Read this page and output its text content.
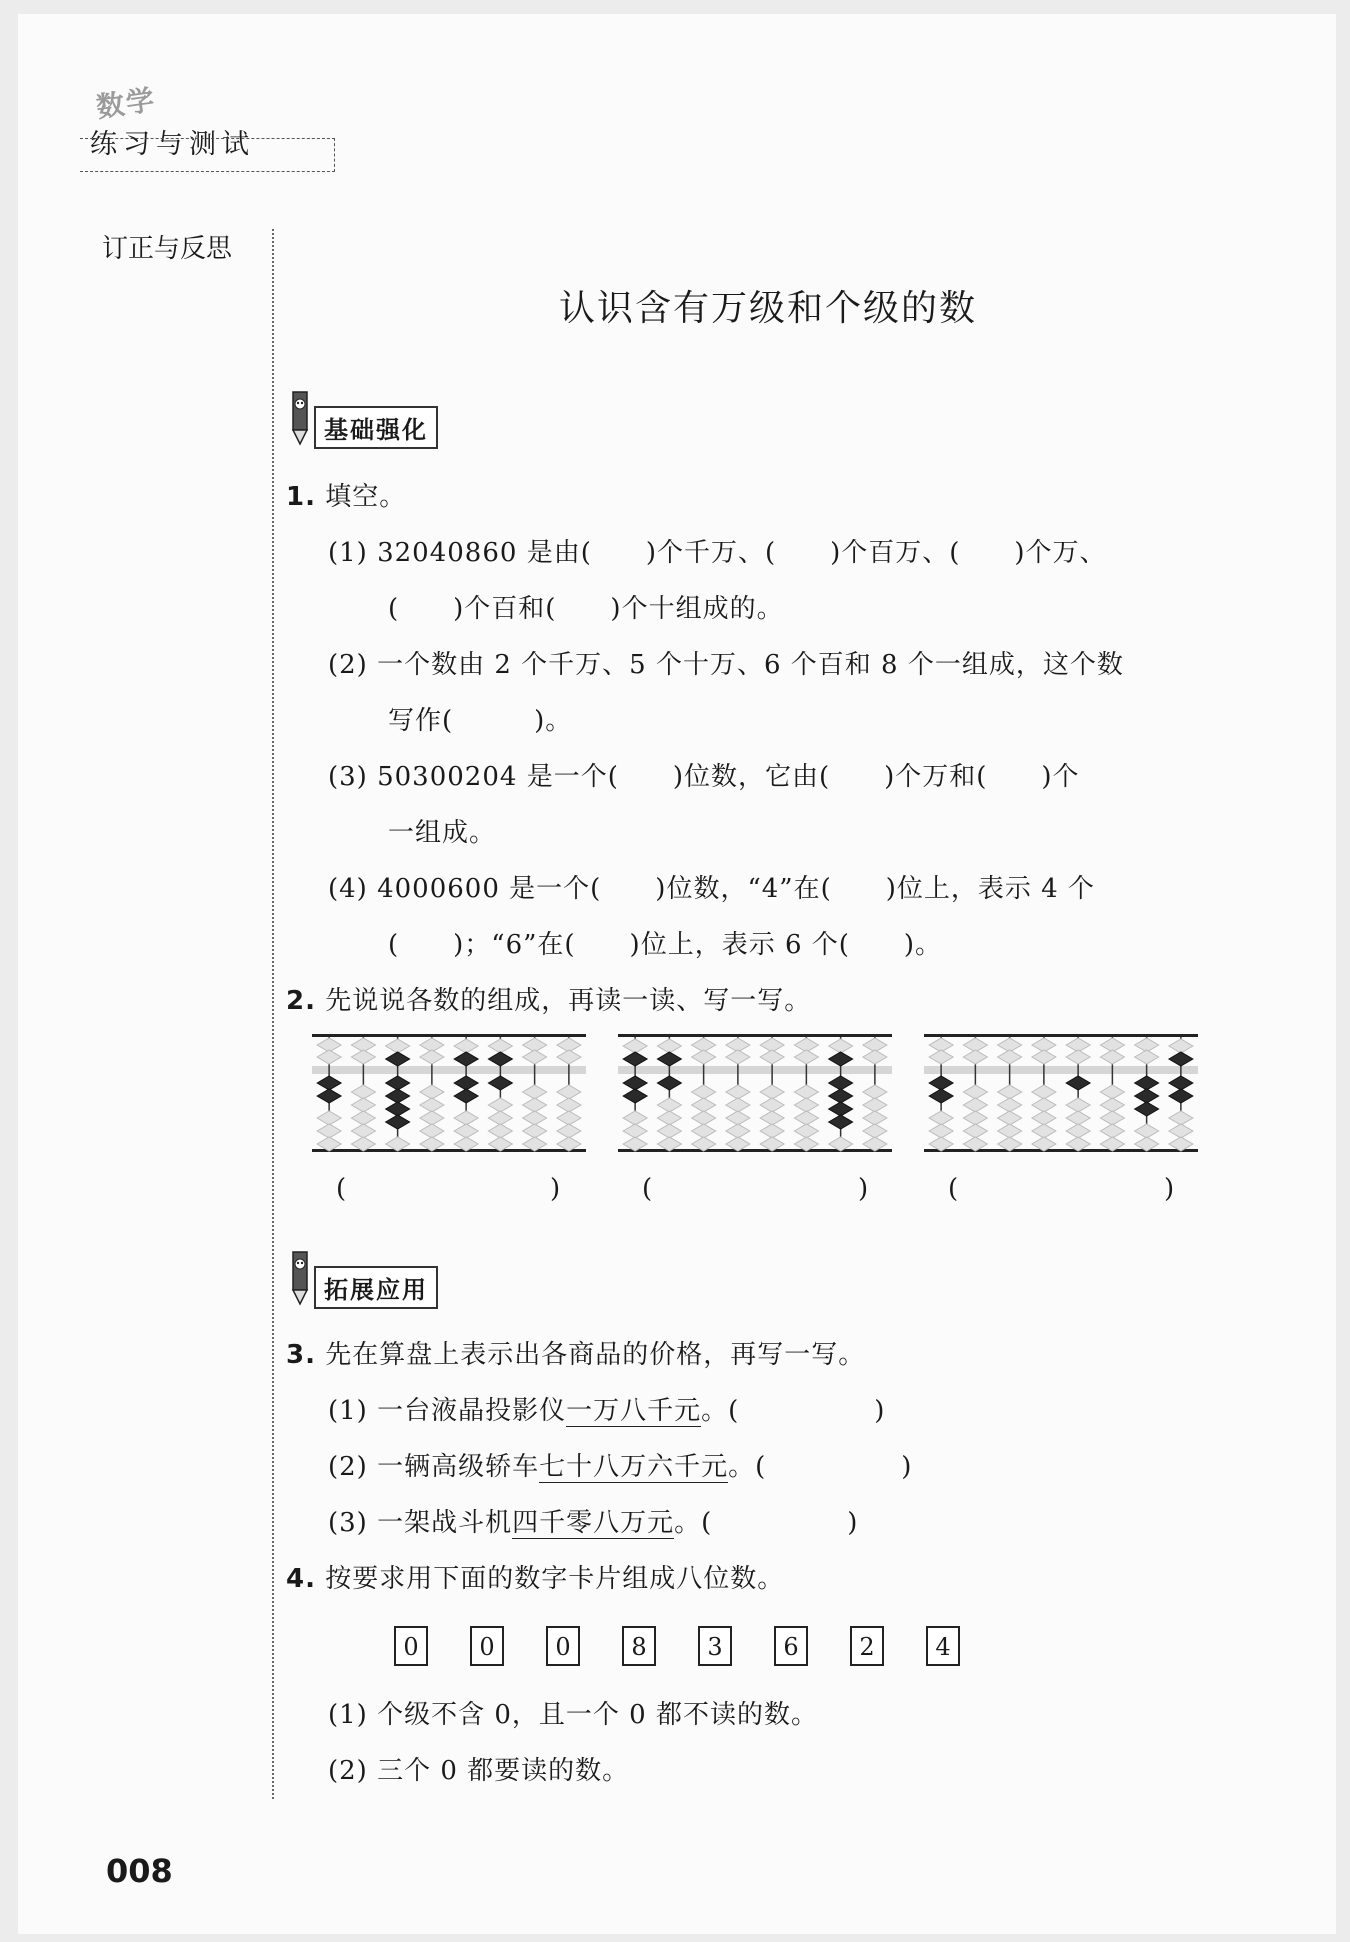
数学
练习与测试
订正与反思
认识含有万级和个级的数
基础强化
1. 填空。
(1) 32040860 是由(　　)个千万、(　　)个百万、(　　)个万、
(　　)个百和(　　)个十组成的。
(2) 一个数由 2 个千万、5 个十万、6 个百和 8 个一组成，这个数
写作(　　　)。
(3) 50300204 是一个(　　)位数，它由(　　)个万和(　　)个
一组成。
(4) 4000600 是一个(　　)位数，“4”在(　　)位上，表示 4 个
(　　)；“6”在(　　)位上，表示 6 个(　　)。
2. 先说说各数的组成，再读一读、写一写。
(	)	(	)	(	)
拓展应用
3. 先在算盘上表示出各商品的价格，再写一写。
(1) 一台液晶投影仪一万八千元。(　　　　　)
(2) 一辆高级轿车七十八万六千元。(　　　　　)
(3) 一架战斗机四千零八万元。(　　　　　)
4. 按要求用下面的数字卡片组成八位数。
0	0	0	8	3	6	2	4
(1) 个级不含 0，且一个 0 都不读的数。
(2) 三个 0 都要读的数。
008
